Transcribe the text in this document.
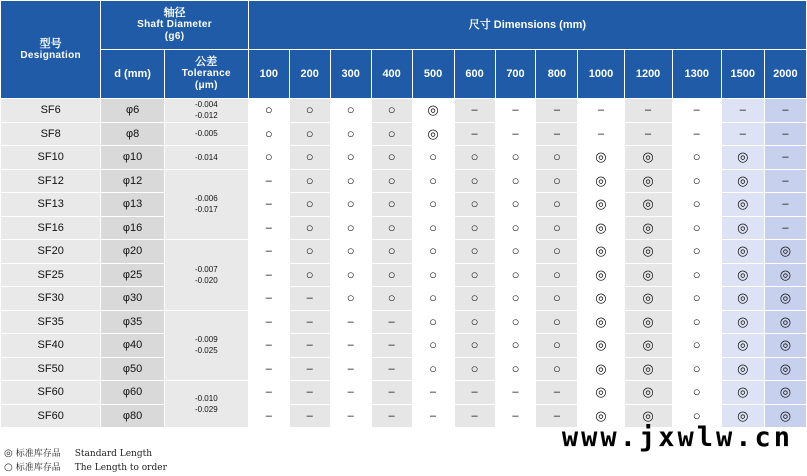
型号
Designation	轴径
Shaft Diameter
(g6)		尺寸 Dimensions (mm)												
	d (mm)	公差
Tolerance
(μm)	100	200	300	400	500	600	700	800	1000	1200	1300	1500	2000
SF6	φ6	-0.004
-0.012	○	○	○	○	◎	–	–	–	–	–	–	–	–
SF8	φ8	-0.005	○	○	○	○	◎	–	–	–	–	–	–	–	–
SF10	φ10	-0.014	○	○	○	○	○	○	○	○	◎	◎	○	◎	–
SF12	φ12	-0.006
-0.017	–	○	○	○	○	○	○	○	◎	◎	○	◎	–
SF13	φ13		–	○	○	○	○	○	○	○	◎	◎	○	◎	–
SF16	φ16		–	○	○	○	○	○	○	○	◎	◎	○	◎	–
SF20	φ20	-0.007
-0.020	–	○	○	○	○	○	○	○	◎	◎	○	◎	◎
SF25	φ25		–	○	○	○	○	○	○	○	◎	◎	○	◎	◎
SF30	φ30		–	–	○	○	○	○	○	○	◎	◎	○	◎	◎
SF35	φ35	-0.009
-0.025	–	–	–	–	○	○	○	○	◎	◎	○	◎	◎
SF40	φ40		–	–	–	–	○	○	○	○	◎	◎	○	◎	◎
SF50	φ50		–	–	–	–	○	○	○	○	◎	◎	○	◎	◎
SF60	φ60	-0.010
-0.029	–	–	–	–	–	–	–	–	◎	◎	○	◎	◎
SF60	φ80		–	–	–	–	–	–	–	–	◎	◎	○	◎	◎
◎ 标准库存品 Standard Length
○ 标准库存品 The Length to order
www.jxwlw.cn
